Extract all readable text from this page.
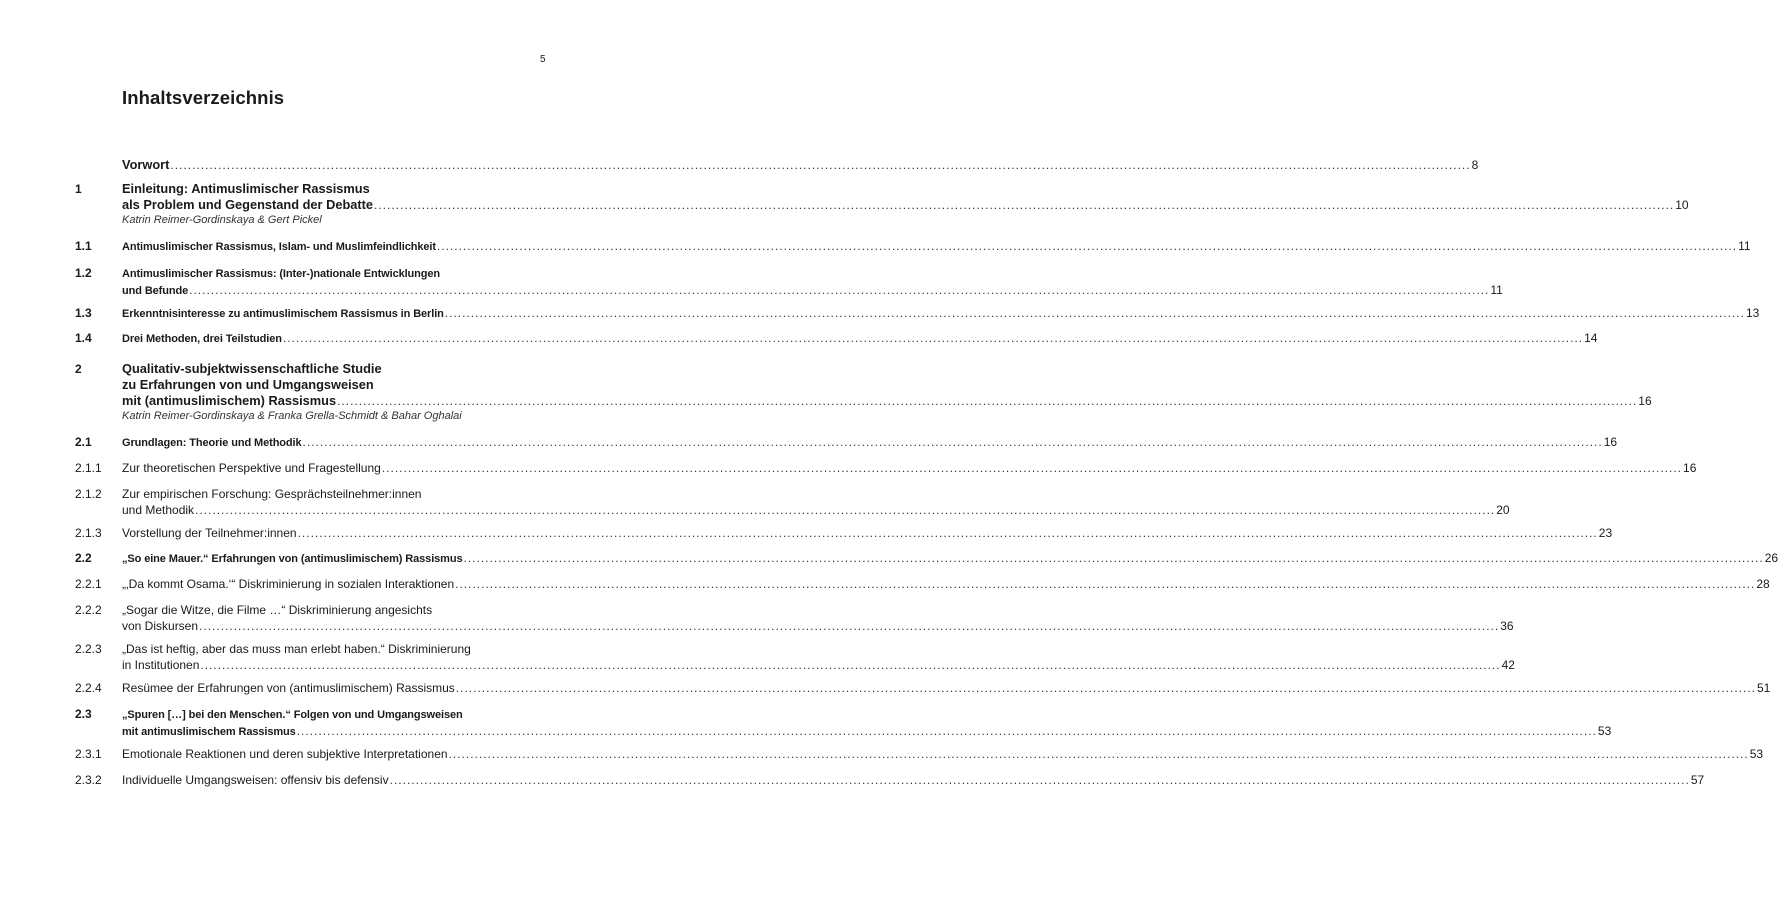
5
Inhaltsverzeichnis
Vorwort ............................................................................................................................................................................................................................................................................................................ 8
1	Einleitung: Antimuslimischer Rassismus
als Problem und Gegenstand der Debatte ............................................................................................................................................................................................................................................................................................................ 10
Katrin Reimer-Gordinskaya & Gert Pickel
1.1	Antimuslimischer Rassismus, Islam- und Muslimfeindlichkeit ............................................................................................................................................................................................................................................................................................................ 11
1.2	Antimuslimischer Rassismus: (Inter-)nationale Entwicklungen
und Befunde ............................................................................................................................................................................................................................................................................................................ 11
1.3	Erkenntnisinteresse zu antimuslimischem Rassismus in Berlin ............................................................................................................................................................................................................................................................................................................ 13
1.4	Drei Methoden, drei Teilstudien ............................................................................................................................................................................................................................................................................................................ 14
2	Qualitativ-subjektwissenschaftliche Studie
zu Erfahrungen von und Umgangsweisen
mit (antimuslimischem) Rassismus ............................................................................................................................................................................................................................................................................................................ 16
Katrin Reimer-Gordinskaya & Franka Grella-Schmidt & Bahar Oghalai
2.1	Grundlagen: Theorie und Methodik ............................................................................................................................................................................................................................................................................................................ 16
2.1.1 Zur theoretischen Perspektive und Fragestellung ............................................................................................................................................................................................................................................................................................................ 16
2.1.2 Zur empirischen Forschung: Gesprächsteilnehmer:innen
und Methodik ............................................................................................................................................................................................................................................................................................................ 20
2.1.3 Vorstellung der Teilnehmer:innen ............................................................................................................................................................................................................................................................................................................ 23
2.2	„So eine Mauer.“ Erfahrungen von (antimuslimischem) Rassismus ............................................................................................................................................................................................................................................................................................................ 26
2.2.1 „‚Da kommt Osama.‘“ Diskriminierung in sozialen Interaktionen ............................................................................................................................................................................................................................................................................................................ 28
2.2.2 „Sogar die Witze, die Filme …“ Diskriminierung angesichts
von Diskursen ............................................................................................................................................................................................................................................................................................................ 36
2.2.3 „Das ist heftig, aber das muss man erlebt haben.“ Diskriminierung
in Institutionen ............................................................................................................................................................................................................................................................................................................ 42
2.2.4 Resümee der Erfahrungen von (antimuslimischem) Rassismus ............................................................................................................................................................................................................................................................................................................ 51
2.3	„Spuren […] bei den Menschen.“ Folgen von und Umgangsweisen
mit antimuslimischem Rassismus ............................................................................................................................................................................................................................................................................................................ 53
2.3.1 Emotionale Reaktionen und deren subjektive Interpretationen ............................................................................................................................................................................................................................................................................................................ 53
2.3.2 Individuelle Umgangsweisen: offensiv bis defensiv ............................................................................................................................................................................................................................................................................................................ 57
